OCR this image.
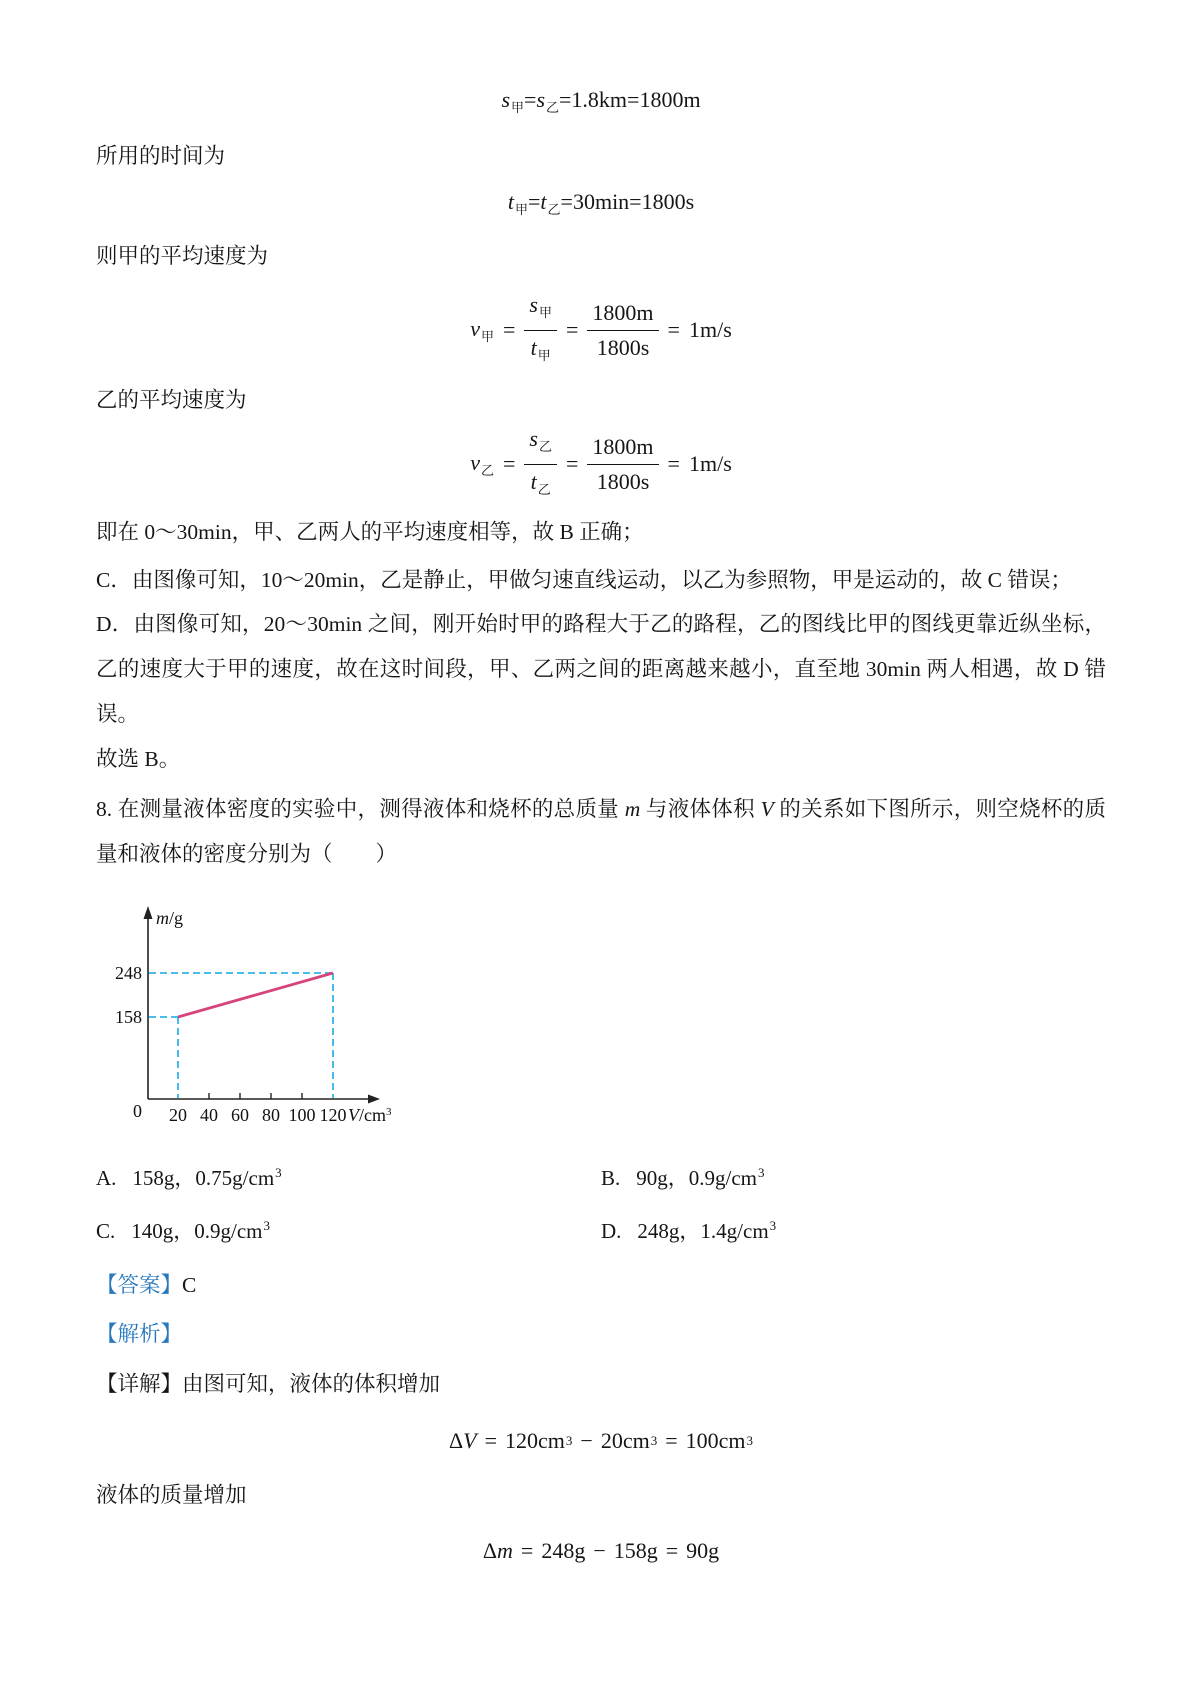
$s_甲=s_乙=1.8km=1800m$
所用的时间为
$t_甲=t_乙=30\min=1800s$
则甲的平均速度为
$v_甲 = \frac{s_甲}{t_甲} = \frac{1800m}{1800s} = 1m/s$
乙的平均速度为
$v_乙 = \frac{s_乙}{t_乙} = \frac{1800m}{1800s} = 1m/s$
即在 0～30min，甲、乙两人的平均速度相等，故 B 正确；
C．由图像可知，10～20min，乙是静止，甲做匀速直线运动，以乙为参照物，甲是运动的，故 C 错误；
D．由图像可知，20～30min 之间，刚开始时甲的路程大于乙的路程，乙的图线比甲的图线更靠近纵坐标，乙的速度大于甲的速度，故在这时间段，甲、乙两之间的距离越来越小，直至地 30min 两人相遇，故 D 错误。
故选 B。
8. 在测量液体密度的实验中，测得液体和烧杯的总质量 m 与液体体积 V 的关系如下图所示，则空烧杯的质量和液体的密度分别为（　　）
248
158
0 20 40 60 80 100 120 $V/cm^3$
m/g
A. 158g，$0.75g/cm^3$	B. 90g，$0.9g/cm^3$
C. 140g，$0.9g/cm^3$	D. 248g，$1.4g/cm^3$
【答案】C
【解析】
【详解】由图可知，液体的体积增加
Δ V = 120cm 3 − 20cm 3 = 100cm 3
液体的质量增加
Δ m = 248g − 158g = 90g
